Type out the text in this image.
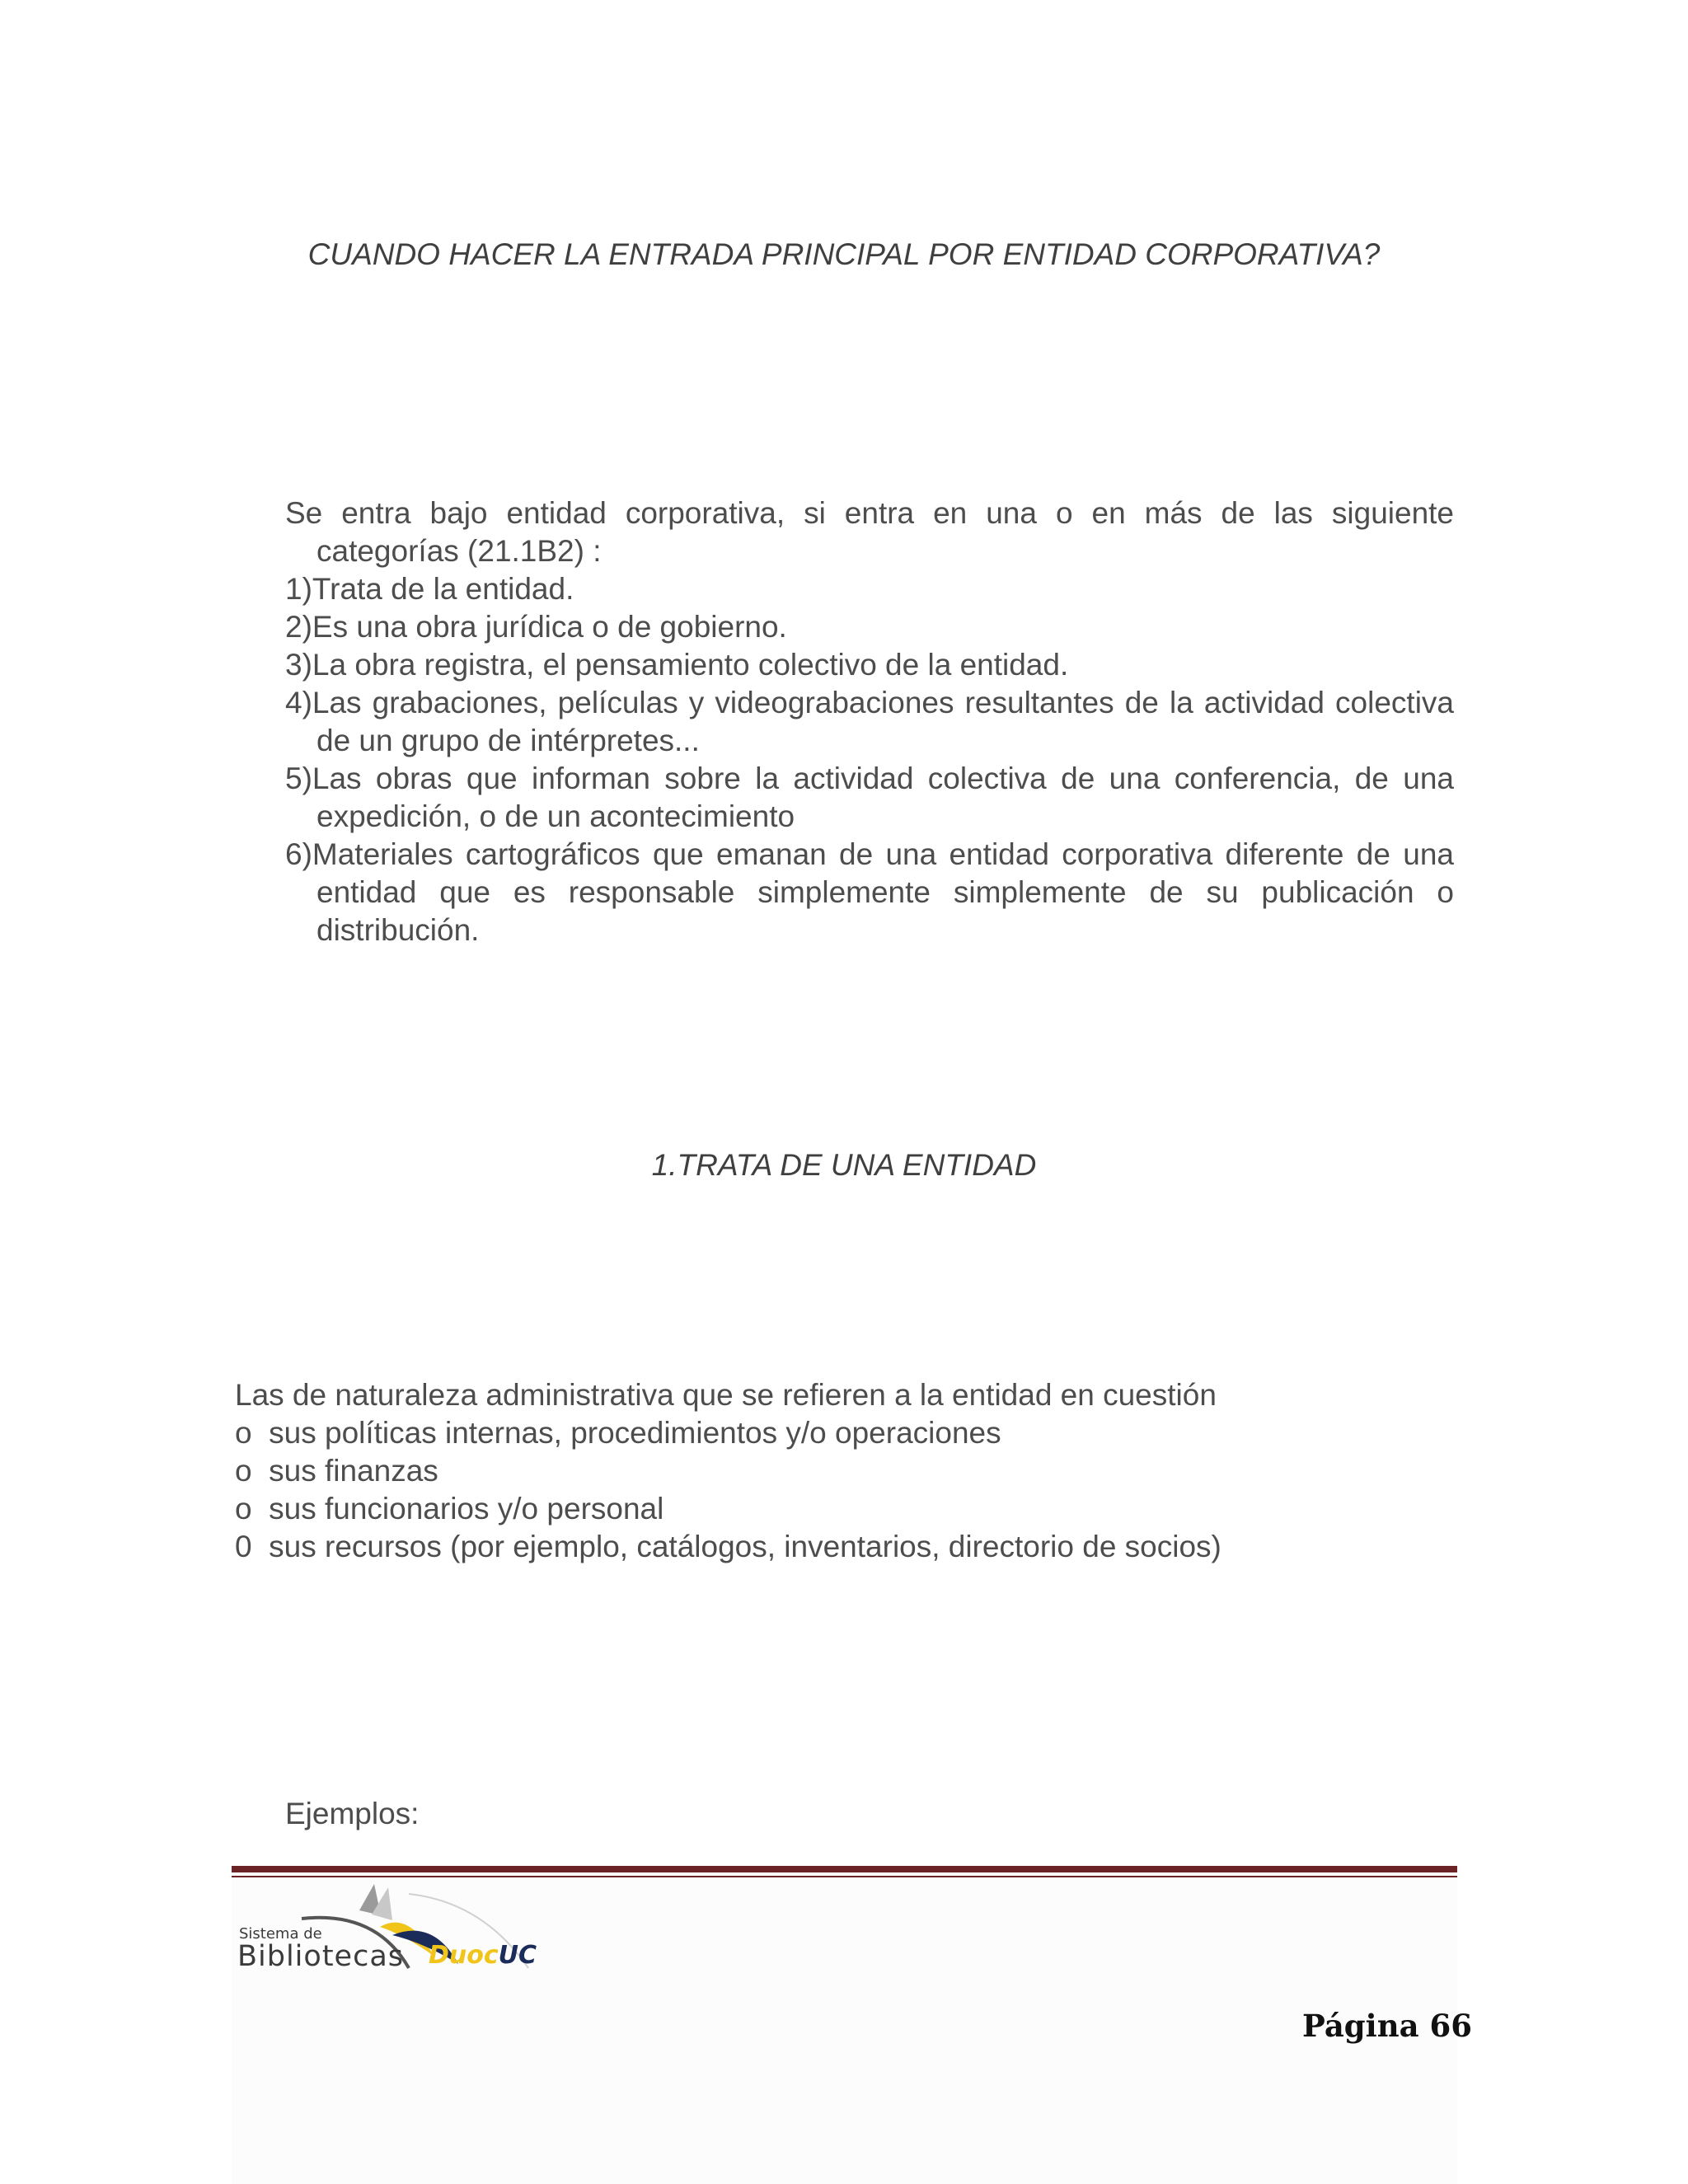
CUANDO HACER LA ENTRADA PRINCIPAL POR ENTIDAD CORPORATIVA?

Se entra bajo entidad corporativa, si entra en una o en más de las siguiente categorías (21.1B2) :

1)Trata de la entidad.

2)Es una obra jurídica o de gobierno.

3)La obra registra, el pensamiento colectivo de la entidad.

4)Las grabaciones, películas y videograbaciones resultantes de la actividad colectiva de un grupo de intérpretes...

5)Las obras que informan sobre la actividad colectiva de una conferencia, de una expedición, o de un acontecimiento

6)Materiales cartográficos que emanan de una entidad corporativa diferente de una entidad que es responsable simplemente simplemente de su publicación o distribución.

1.TRATA DE UNA ENTIDAD

Las de naturaleza administrativa que se refieren a la entidad en cuestión

o  sus políticas internas, procedimientos y/o operaciones

o  sus finanzas

o  sus funcionarios y/o personal

0  sus recursos (por ejemplo, catálogos, inventarios, directorio de socios)

Ejemplos:

Sistema de
Bibliotecas DuocUC
Página 66
